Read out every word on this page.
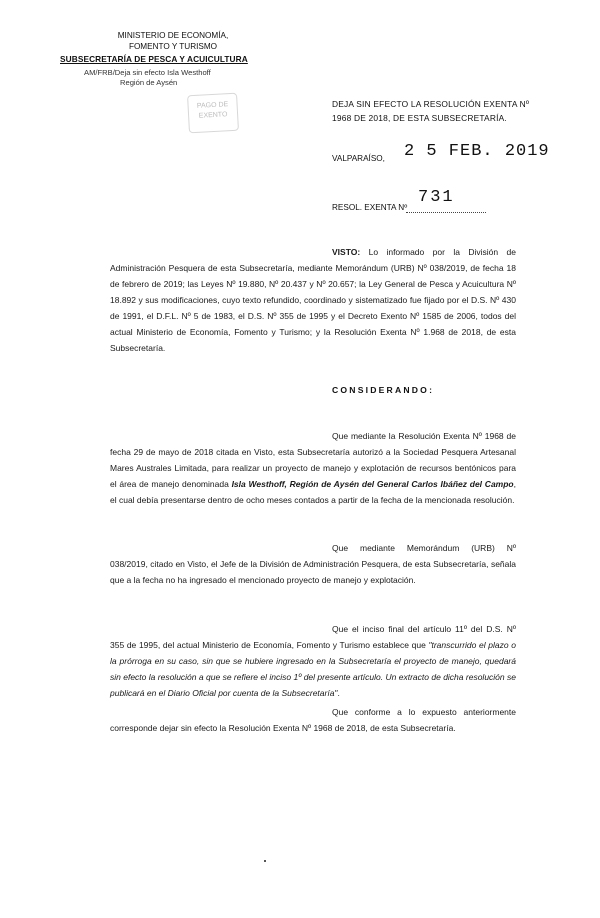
MINISTERIO DE ECONOMÍA,
FOMENTO Y TURISMO
SUBSECRETARÍA DE PESCA Y ACUICULTURA
AM/FRB/Deja sin efecto Isla Westhoff
Región de Aysén
PAGO DE
EXENTO
DEJA SIN EFECTO LA RESOLUCIÓN EXENTA Nº 1968 DE 2018, DE ESTA SUBSECRETARÍA.
VALPARAÍSO, 2 5 FEB. 2019
RESOL. EXENTA Nº
731
VISTO: Lo informado por la División de Administración Pesquera de esta Subsecretaría, mediante Memorándum (URB) Nº 038/2019, de fecha 18 de febrero de 2019; las Leyes Nº 19.880, Nº 20.437 y Nº 20.657; la Ley General de Pesca y Acuicultura Nº 18.892 y sus modificaciones, cuyo texto refundido, coordinado y sistematizado fue fijado por el D.S. Nº 430 de 1991, el D.F.L. Nº 5 de 1983, el D.S. Nº 355 de 1995 y el Decreto Exento Nº 1585 de 2006, todos del actual Ministerio de Economía, Fomento y Turismo; y la Resolución Exenta Nº 1.968 de 2018, de esta Subsecretaría.
CONSIDERANDO:
Que mediante la Resolución Exenta Nº 1968 de fecha 29 de mayo de 2018 citada en Visto, esta Subsecretaría autorizó a la Sociedad Pesquera Artesanal Mares Australes Limitada, para realizar un proyecto de manejo y explotación de recursos bentónicos para el área de manejo denominada Isla Westhoff, Región de Aysén del General Carlos Ibáñez del Campo, el cual debía presentarse dentro de ocho meses contados a partir de la fecha de la mencionada resolución.
Que mediante Memorándum (URB) Nº 038/2019, citado en Visto, el Jefe de la División de Administración Pesquera, de esta Subsecretaría, señala que a la fecha no ha ingresado el mencionado proyecto de manejo y explotación.
Que el inciso final del artículo 11º del D.S. Nº 355 de 1995, del actual Ministerio de Economía, Fomento y Turismo establece que "transcurrido el plazo o la prórroga en su caso, sin que se hubiere ingresado en la Subsecretaría el proyecto de manejo, quedará sin efecto la resolución a que se refiere el inciso 1º del presente artículo. Un extracto de dicha resolución se publicará en el Diario Oficial por cuenta de la Subsecretaría".
Que conforme a lo expuesto anteriormente corresponde dejar sin efecto la Resolución Exenta Nº 1968 de 2018, de esta Subsecretaría.
